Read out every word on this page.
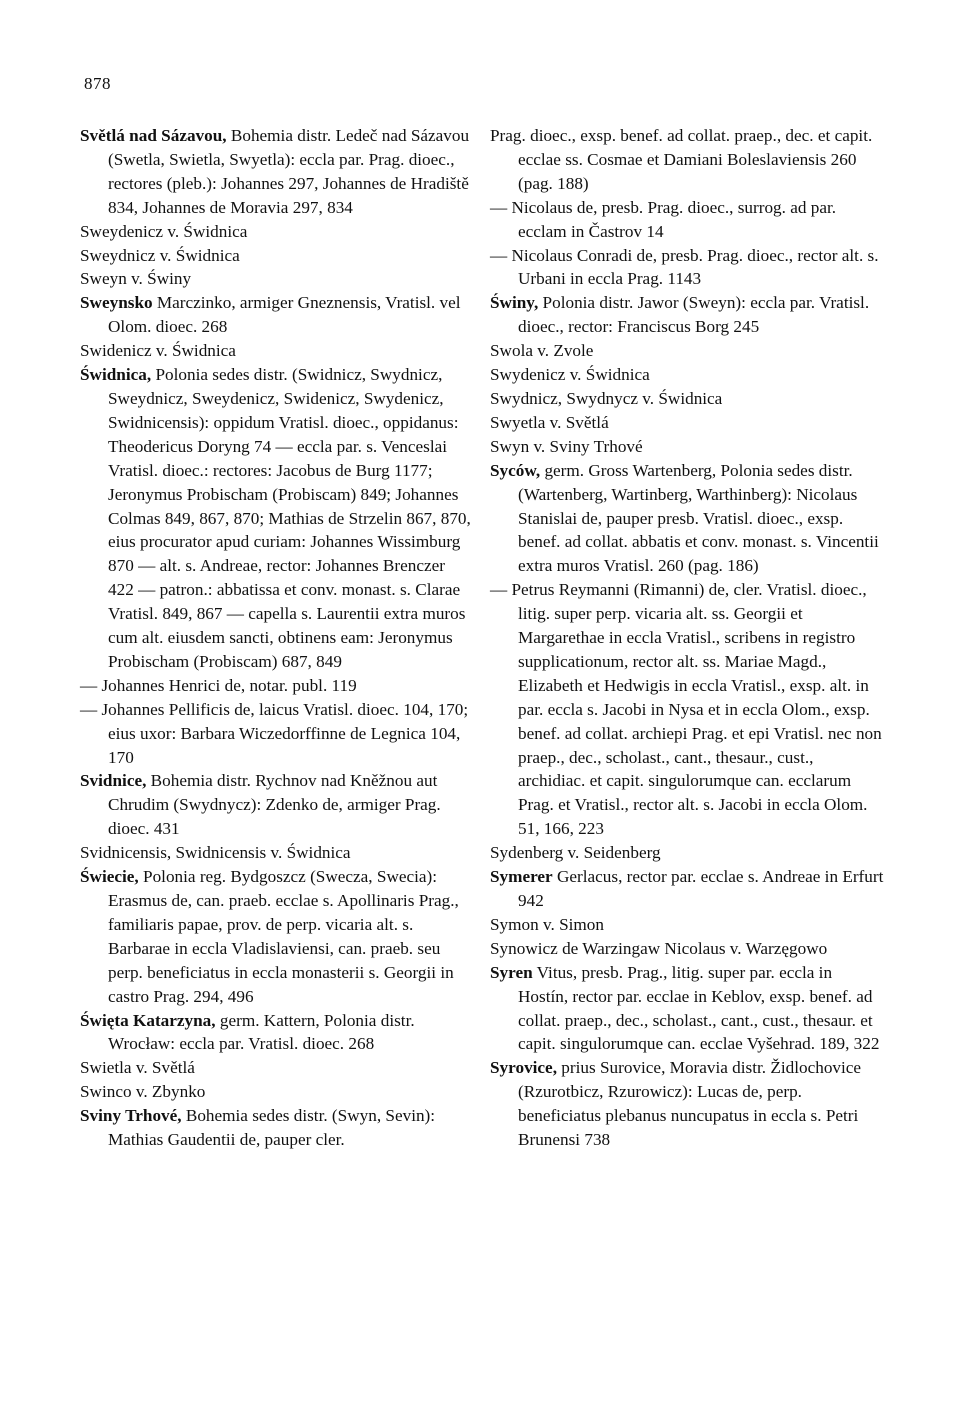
878

Světlá nad Sázavou, Bohemia distr. Ledeč nad Sázavou (Swetla, Swietla, Swyetla): eccla par. Prag. dioec., rectores (pleb.): Johannes 297, Johannes de Hradiště 834, Johannes de Moravia 297, 834

Sweydenicz v. Świdnica

Sweydnicz v. Świdnica

Sweyn v. Świny

Sweynsko Marczinko, armiger Gneznensis, Vratisl. vel Olom. dioec. 268

Swidenicz v. Świdnica

Świdnica, Polonia sedes distr. (Swidnicz, Swydnicz, Sweydnicz, Sweydenicz, Swidenicz, Swydenicz, Swidnicensis): oppidum Vratisl. dioec., oppidanus: Theodericus Doryng 74 — eccla par. s. Venceslai Vratisl. dioec.: rectores: Jacobus de Burg 1177; Jeronymus Probischam (Probiscam) 849; Johannes Colmas 849, 867, 870; Mathias de Strzelin 867, 870, eius procurator apud curiam: Johannes Wissimburg 870 — alt. s. Andreae, rector: Johannes Brenczer 422 — patron.: abbatissa et conv. monast. s. Clarae Vratisl. 849, 867 — capella s. Laurentii extra muros cum alt. eiusdem sancti, obtinens eam: Jeronymus Probischam (Probiscam) 687, 849

— Johannes Henrici de, notar. publ. 119

— Johannes Pellificis de, laicus Vratisl. dioec. 104, 170; eius uxor: Barbara Wiczedorffinne de Legnica 104, 170

Svidnice, Bohemia distr. Rychnov nad Kněžnou aut Chrudim (Swydnycz): Zdenko de, armiger Prag. dioec. 431

Svidnicensis, Swidnicensis v. Świdnica

Świecie, Polonia reg. Bydgoszcz (Swecza, Swecia): Erasmus de, can. praeb. ecclae s. Apollinaris Prag., familiaris papae, prov. de perp. vicaria alt. s. Barbarae in eccla Vladislaviensi, can. praeb. seu perp. beneficiatus in eccla monasterii s. Georgii in castro Prag. 294, 496

Święta Katarzyna, germ. Kattern, Polonia distr. Wrocław: eccla par. Vratisl. dioec. 268

Swietla v. Světlá

Swinco v. Zbynko

Sviny Trhové, Bohemia sedes distr. (Swyn, Sevin): Mathias Gaudentii de, pauper cler.

Prag. dioec., exsp. benef. ad collat. praep., dec. et capit. ecclae ss. Cosmae et Damiani Boleslaviensis 260 (pag. 188)

— Nicolaus de, presb. Prag. dioec., surrog. ad par. ecclam in Častrov 14

— Nicolaus Conradi de, presb. Prag. dioec., rector alt. s. Urbani in eccla Prag. 1143

Świny, Polonia distr. Jawor (Sweyn): eccla par. Vratisl. dioec., rector: Franciscus Borg 245

Swola v. Zvole

Swydenicz v. Świdnica

Swydnicz, Swydnycz v. Świdnica

Swyetla v. Světlá

Swyn v. Sviny Trhové

Syców, germ. Gross Wartenberg, Polonia sedes distr. (Wartenberg, Wartinberg, Warthinberg): Nicolaus Stanislai de, pauper presb. Vratisl. dioec., exsp. benef. ad collat. abbatis et conv. monast. s. Vincentii extra muros Vratisl. 260 (pag. 186)

— Petrus Reymanni (Rimanni) de, cler. Vratisl. dioec., litig. super perp. vicaria alt. ss. Georgii et Margarethae in eccla Vratisl., scribens in registro supplicationum, rector alt. ss. Mariae Magd., Elizabeth et Hedwigis in eccla Vratisl., exsp. alt. in par. eccla s. Jacobi in Nysa et in eccla Olom., exsp. benef. ad collat. archiepi Prag. et epi Vratisl. nec non praep., dec., scholast., cant., thesaur., cust., archidiac. et capit. singulorumque can. ecclarum Prag. et Vratisl., rector alt. s. Jacobi in eccla Olom. 51, 166, 223

Sydenberg v. Seidenberg

Symerer Gerlacus, rector par. ecclae s. Andreae in Erfurt 942

Symon v. Simon

Synowicz de Warzingaw Nicolaus v. Warzęgowo

Syren Vitus, presb. Prag., litig. super par. eccla in Hostín, rector par. ecclae in Keblov, exsp. benef. ad collat. praep., dec., scholast., cant., cust., thesaur. et capit. singulorumque can. ecclae Vyšehrad. 189, 322

Syrovice, prius Surovice, Moravia distr. Židlochovice (Rzurotbicz, Rzurowicz): Lucas de, perp. beneficiatus plebanus nuncupatus in eccla s. Petri Brunensi 738
